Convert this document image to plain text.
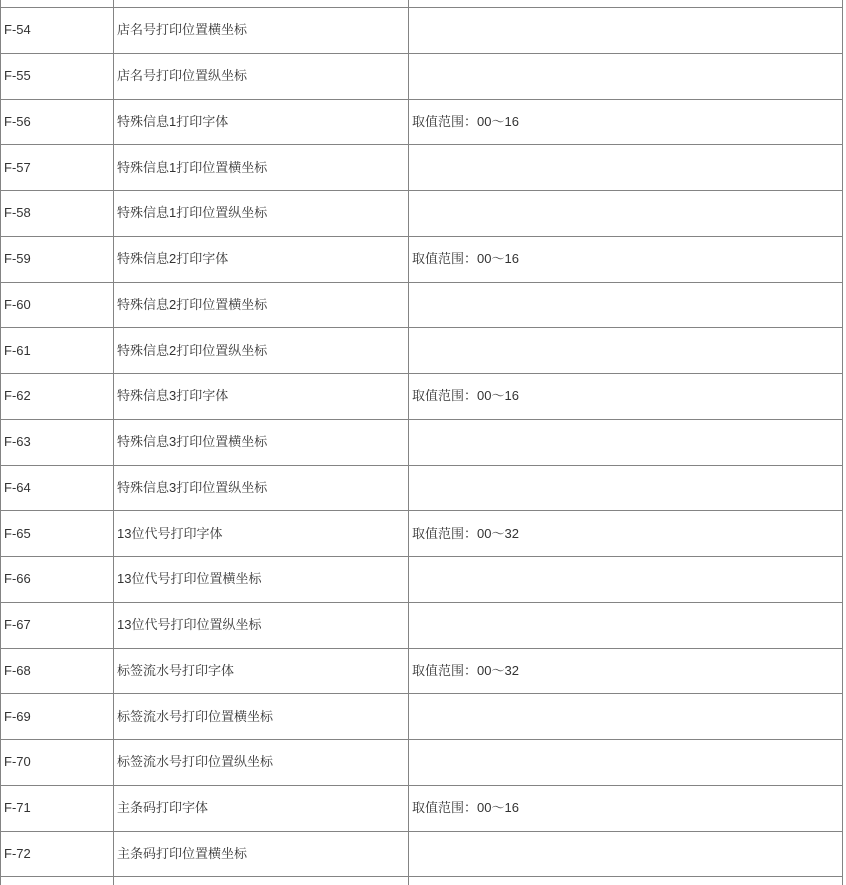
F-54	店名号打印位置横坐标	
F-55	店名号打印位置纵坐标	
F-56	特殊信息1打印字体	取值范围：00～16
F-57	特殊信息1打印位置横坐标	
F-58	特殊信息1打印位置纵坐标	
F-59	特殊信息2打印字体	取值范围：00～16
F-60	特殊信息2打印位置横坐标	
F-61	特殊信息2打印位置纵坐标	
F-62	特殊信息3打印字体	取值范围：00～16
F-63	特殊信息3打印位置横坐标	
F-64	特殊信息3打印位置纵坐标	
F-65	13位代号打印字体	取值范围：00～32
F-66	13位代号打印位置横坐标	
F-67	13位代号打印位置纵坐标	
F-68	标签流水号打印字体	取值范围：00～32
F-69	标签流水号打印位置横坐标	
F-70	标签流水号打印位置纵坐标	
F-71	主条码打印字体	取值范围：00～16
F-72	主条码打印位置横坐标	
